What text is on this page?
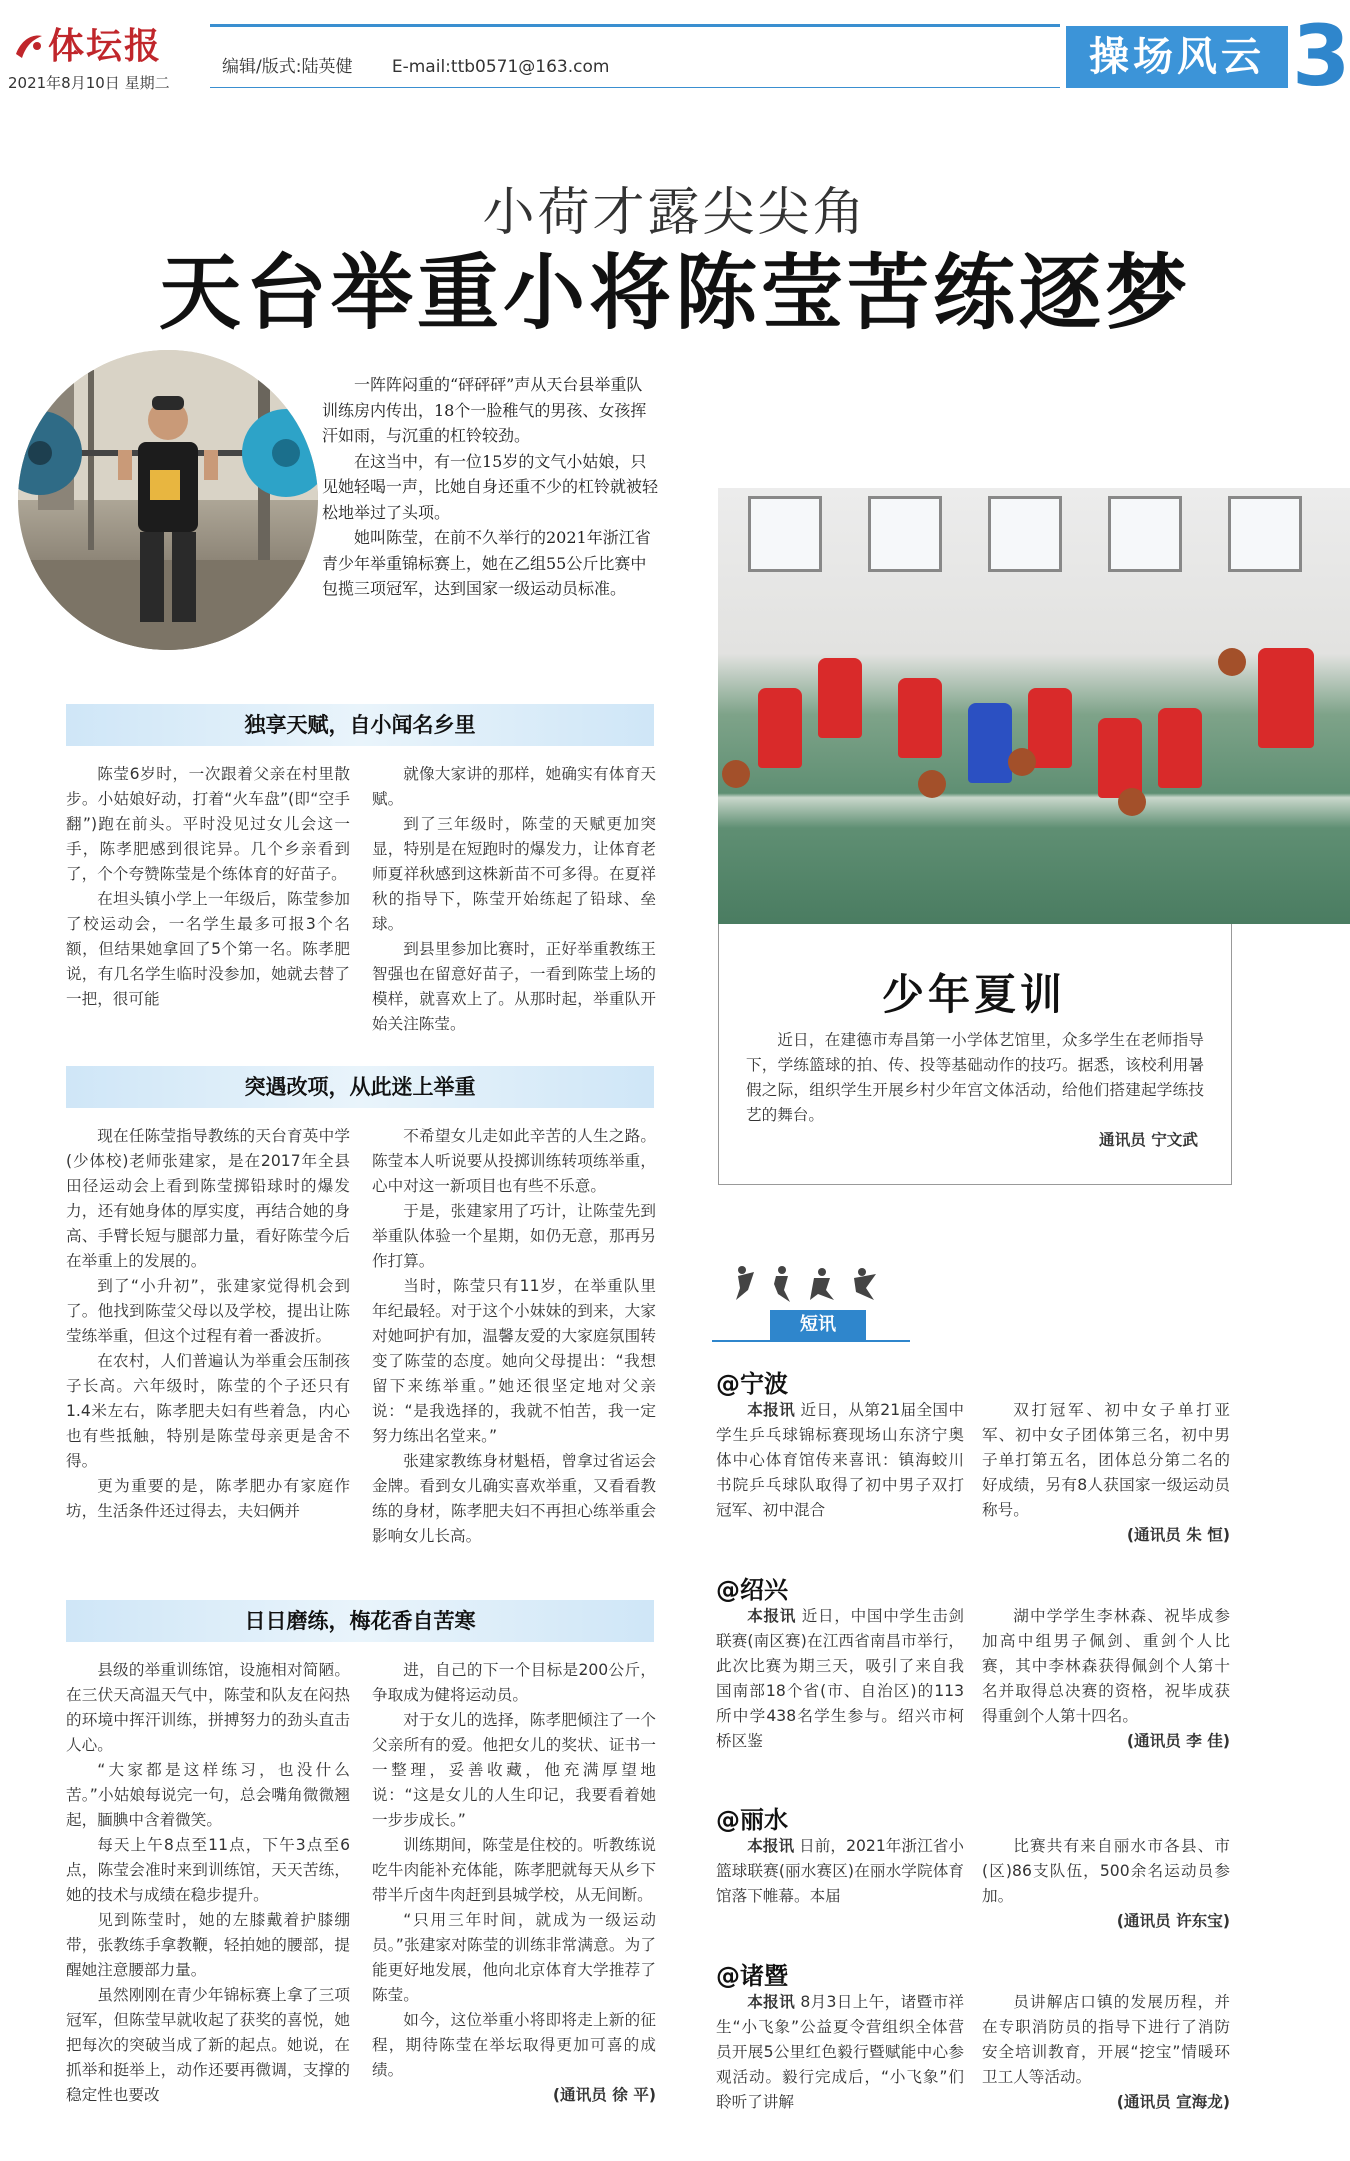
体坛报
2021年8月10日 星期二
编辑/版式:陆英健 E-mail:ttb0571@163.com	操场风云 3
小荷才露尖尖角
天台举重小将陈莹苦练逐梦

一阵阵闷重的“砰砰砰”声从天台县举重队训练房内传出，18个一脸稚气的男孩、女孩挥汗如雨，与沉重的杠铃较劲。

在这当中，有一位15岁的文气小姑娘，只见她轻喝一声，比她自身还重不少的杠铃就被轻松地举过了头项。

她叫陈莹，在前不久举行的2021年浙江省青少年举重锦标赛上，她在乙组55公斤比赛中包揽三项冠军，达到国家一级运动员标准。

独享天赋，自小闻名乡里

陈莹6岁时，一次跟着父亲在村里散步。小姑娘好动，打着“火车盘”(即“空手翻”)跑在前头。平时没见过女儿会这一手，陈孝肥感到很诧异。几个乡亲看到了，个个夸赞陈莹是个练体育的好苗子。

在坦头镇小学上一年级后，陈莹参加了校运动会，一名学生最多可报3个名额，但结果她拿回了5个第一名。陈孝肥说，有几名学生临时没参加，她就去替了一把，很可能

就像大家讲的那样，她确实有体育天赋。

到了三年级时，陈莹的天赋更加突显，特别是在短跑时的爆发力，让体育老师夏祥秋感到这株新苗不可多得。在夏祥秋的指导下，陈莹开始练起了铅球、垒球。

到县里参加比赛时，正好举重教练王智强也在留意好苗子，一看到陈莹上场的模样，就喜欢上了。从那时起，举重队开始关注陈莹。

突遇改项，从此迷上举重

现在任陈莹指导教练的天台育英中学(少体校)老师张建家，是在2017年全县田径运动会上看到陈莹掷铅球时的爆发力，还有她身体的厚实度，再结合她的身高、手臂长短与腿部力量，看好陈莹今后在举重上的发展的。

到了“小升初”，张建家觉得机会到了。他找到陈莹父母以及学校，提出让陈莹练举重，但这个过程有着一番波折。

在农村，人们普遍认为举重会压制孩子长高。六年级时，陈莹的个子还只有1.4米左右，陈孝肥夫妇有些着急，内心也有些抵触，特别是陈莹母亲更是舍不得。

更为重要的是，陈孝肥办有家庭作坊，生活条件还过得去，夫妇俩并

不希望女儿走如此辛苦的人生之路。陈莹本人听说要从投掷训练转项练举重，心中对这一新项目也有些不乐意。

于是，张建家用了巧计，让陈莹先到举重队体验一个星期，如仍无意，那再另作打算。

当时，陈莹只有11岁，在举重队里年纪最轻。对于这个小妹妹的到来，大家对她呵护有加，温馨友爱的大家庭氛围转变了陈莹的态度。她向父母提出：“我想留下来练举重。”她还很坚定地对父亲说：“是我选择的，我就不怕苦，我一定努力练出名堂来。”

张建家教练身材魁梧，曾拿过省运会金牌。看到女儿确实喜欢举重，又看看教练的身材，陈孝肥夫妇不再担心练举重会影响女儿长高。

日日磨练，梅花香自苦寒

县级的举重训练馆，设施相对简陋。在三伏天高温天气中，陈莹和队友在闷热的环境中挥汗训练，拼搏努力的劲头直击人心。

“大家都是这样练习，也没什么苦。”小姑娘每说完一句，总会嘴角微微翘起，腼腆中含着微笑。

每天上午8点至11点，下午3点至6点，陈莹会准时来到训练馆，天天苦练，她的技术与成绩在稳步提升。

见到陈莹时，她的左膝戴着护膝绷带，张教练手拿教鞭，轻拍她的腰部，提醒她注意腰部力量。

虽然刚刚在青少年锦标赛上拿了三项冠军，但陈莹早就收起了获奖的喜悦，她把每次的突破当成了新的起点。她说，在抓举和挺举上，动作还要再微调，支撑的稳定性也要改

进，自己的下一个目标是200公斤，争取成为健将运动员。

对于女儿的选择，陈孝肥倾注了一个父亲所有的爱。他把女儿的奖状、证书一一整理，妥善收藏，他充满厚望地说：“这是女儿的人生印记，我要看着她一步步成长。”

训练期间，陈莹是住校的。听教练说吃牛肉能补充体能，陈孝肥就每天从乡下带半斤卤牛肉赶到县城学校，从无间断。

“只用三年时间，就成为一级运动员。”张建家对陈莹的训练非常满意。为了能更好地发展，他向北京体育大学推荐了陈莹。

如今，这位举重小将即将走上新的征程，期待陈莹在举坛取得更加可喜的成绩。

(通讯员 徐 平)
少年夏训

近日，在建德市寿昌第一小学体艺馆里，众多学生在老师指导下，学练篮球的拍、传、投等基础动作的技巧。据悉，该校利用暑假之际，组织学生开展乡村少年宫文体活动，给他们搭建起学练技艺的舞台。

通讯员 宁文武
短讯
@宁波

本报讯 近日，从第21届全国中学生乒乓球锦标赛现场山东济宁奥体中心体育馆传来喜讯：镇海蛟川书院乒乓球队取得了初中男子双打冠军、初中混合

双打冠军、初中女子单打亚军、初中女子团体第三名，初中男子单打第五名，团体总分第二名的好成绩，另有8人获国家一级运动员称号。

(通讯员 朱 恒)
@绍兴

本报讯 近日，中国中学生击剑联赛(南区赛)在江西省南昌市举行，此次比赛为期三天，吸引了来自我国南部18个省(市、自治区)的113所中学438名学生参与。绍兴市柯桥区鉴

湖中学学生李林森、祝毕成参加高中组男子佩剑、重剑个人比赛，其中李林森获得佩剑个人第十名并取得总决赛的资格，祝毕成获得重剑个人第十四名。

(通讯员 李 佳)
@丽水

本报讯 日前，2021年浙江省小篮球联赛(丽水赛区)在丽水学院体育馆落下帷幕。本届

比赛共有来自丽水市各县、市(区)86支队伍，500余名运动员参加。

(通讯员 许东宝)
@诸暨

本报讯 8月3日上午，诸暨市祥生“小飞象”公益夏令营组织全体营员开展5公里红色毅行暨赋能中心参观活动。毅行完成后，“小飞象”们聆听了讲解

员讲解店口镇的发展历程，并在专职消防员的指导下进行了消防安全培训教育，开展“挖宝”情暖环卫工人等活动。

(通讯员 宣海龙)
